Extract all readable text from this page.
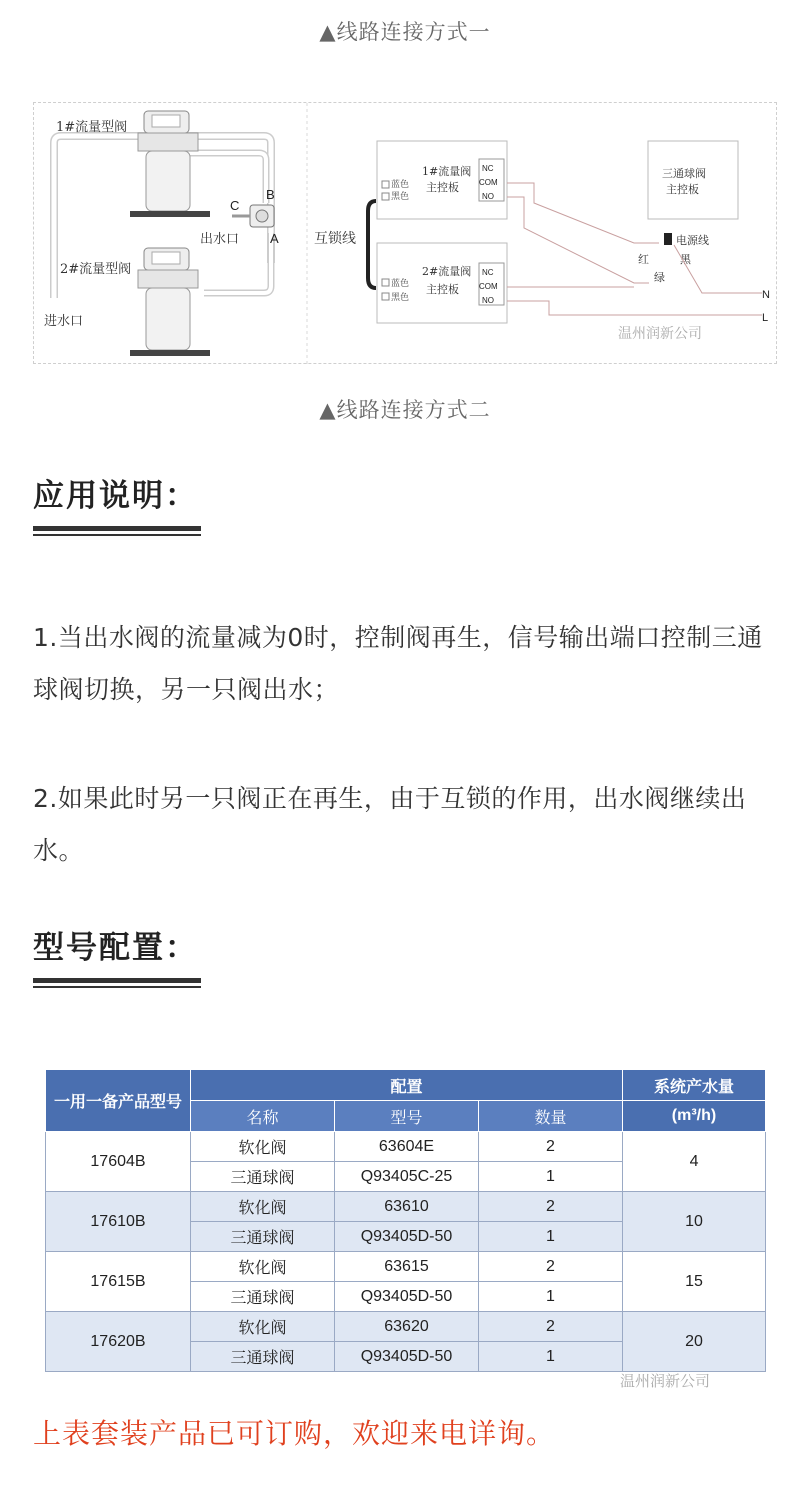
▲线路连接方式一
1#流量型阀
2#流量型阀
B
C
A
出水口
进水口
互锁线
蓝色
黑色
1#流量阀
主控板
NC
COM
NO
蓝色
黑色
2#流量阀
主控板
NC
COM
NO
三通球阀
主控板
电源线
红
绿
黑
N
L
温州润新公司
▲线路连接方式二
应用说明：
1.当出水阀的流量减为0时，控制阀再生，信号输出端口控制三通球阀切换，另一只阀出水；
2.如果此时另一只阀正在再生，由于互锁的作用，出水阀继续出水。
型号配置：
一用一备产品型号	配置			系统产水量
	名称	型号	数量	(m³/h)
17604B	软化阀	63604E	2	4
	三通球阀	Q93405C-25	1	
17610B	软化阀	63610	2	10
	三通球阀	Q93405D-50	1	
17615B	软化阀	63615	2	15
	三通球阀	Q93405D-50	1	
17620B	软化阀	63620	2	20
	三通球阀	Q93405D-50	1	
温州润新公司
上表套装产品已可订购，欢迎来电详询。
